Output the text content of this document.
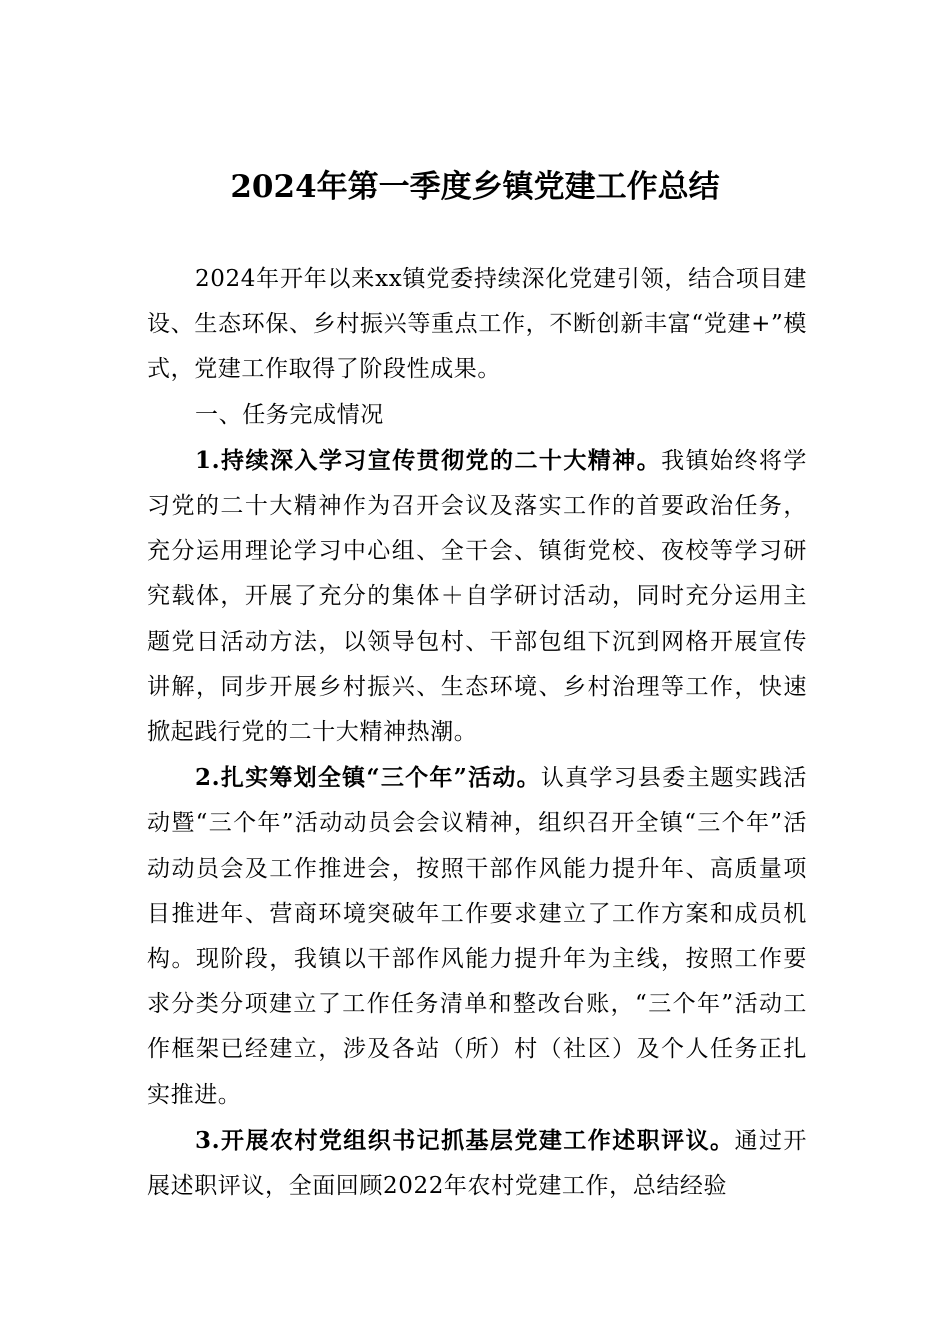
2024年第一季度乡镇党建工作总结

2024年开年以来xx镇党委持续深化党建引领，结合项目建设、生态环保、乡村振兴等重点工作，不断创新丰富“党建+”模式，党建工作取得了阶段性成果。

一、任务完成情况

1.持续深入学习宣传贯彻党的二十大精神。我镇始终将学习党的二十大精神作为召开会议及落实工作的首要政治任务，充分运用理论学习中心组、全干会、镇街党校、夜校等学习研究载体，开展了充分的集体＋自学研讨活动，同时充分运用主题党日活动方法，以领导包村、干部包组下沉到网格开展宣传讲解，同步开展乡村振兴、生态环境、乡村治理等工作，快速掀起践行党的二十大精神热潮。

2.扎实筹划全镇“三个年”活动。认真学习县委主题实践活动暨“三个年”活动动员会会议精神，组织召开全镇“三个年”活动动员会及工作推进会，按照干部作风能力提升年、高质量项目推进年、营商环境突破年工作要求建立了工作方案和成员机构。现阶段，我镇以干部作风能力提升年为主线，按照工作要求分类分项建立了工作任务清单和整改台账，“三个年”活动工作框架已经建立，涉及各站（所）村（社区）及个人任务正扎实推进。

3.开展农村党组织书记抓基层党建工作述职评议。通过开展述职评议，全面回顾2022年农村党建工作，总结经验
